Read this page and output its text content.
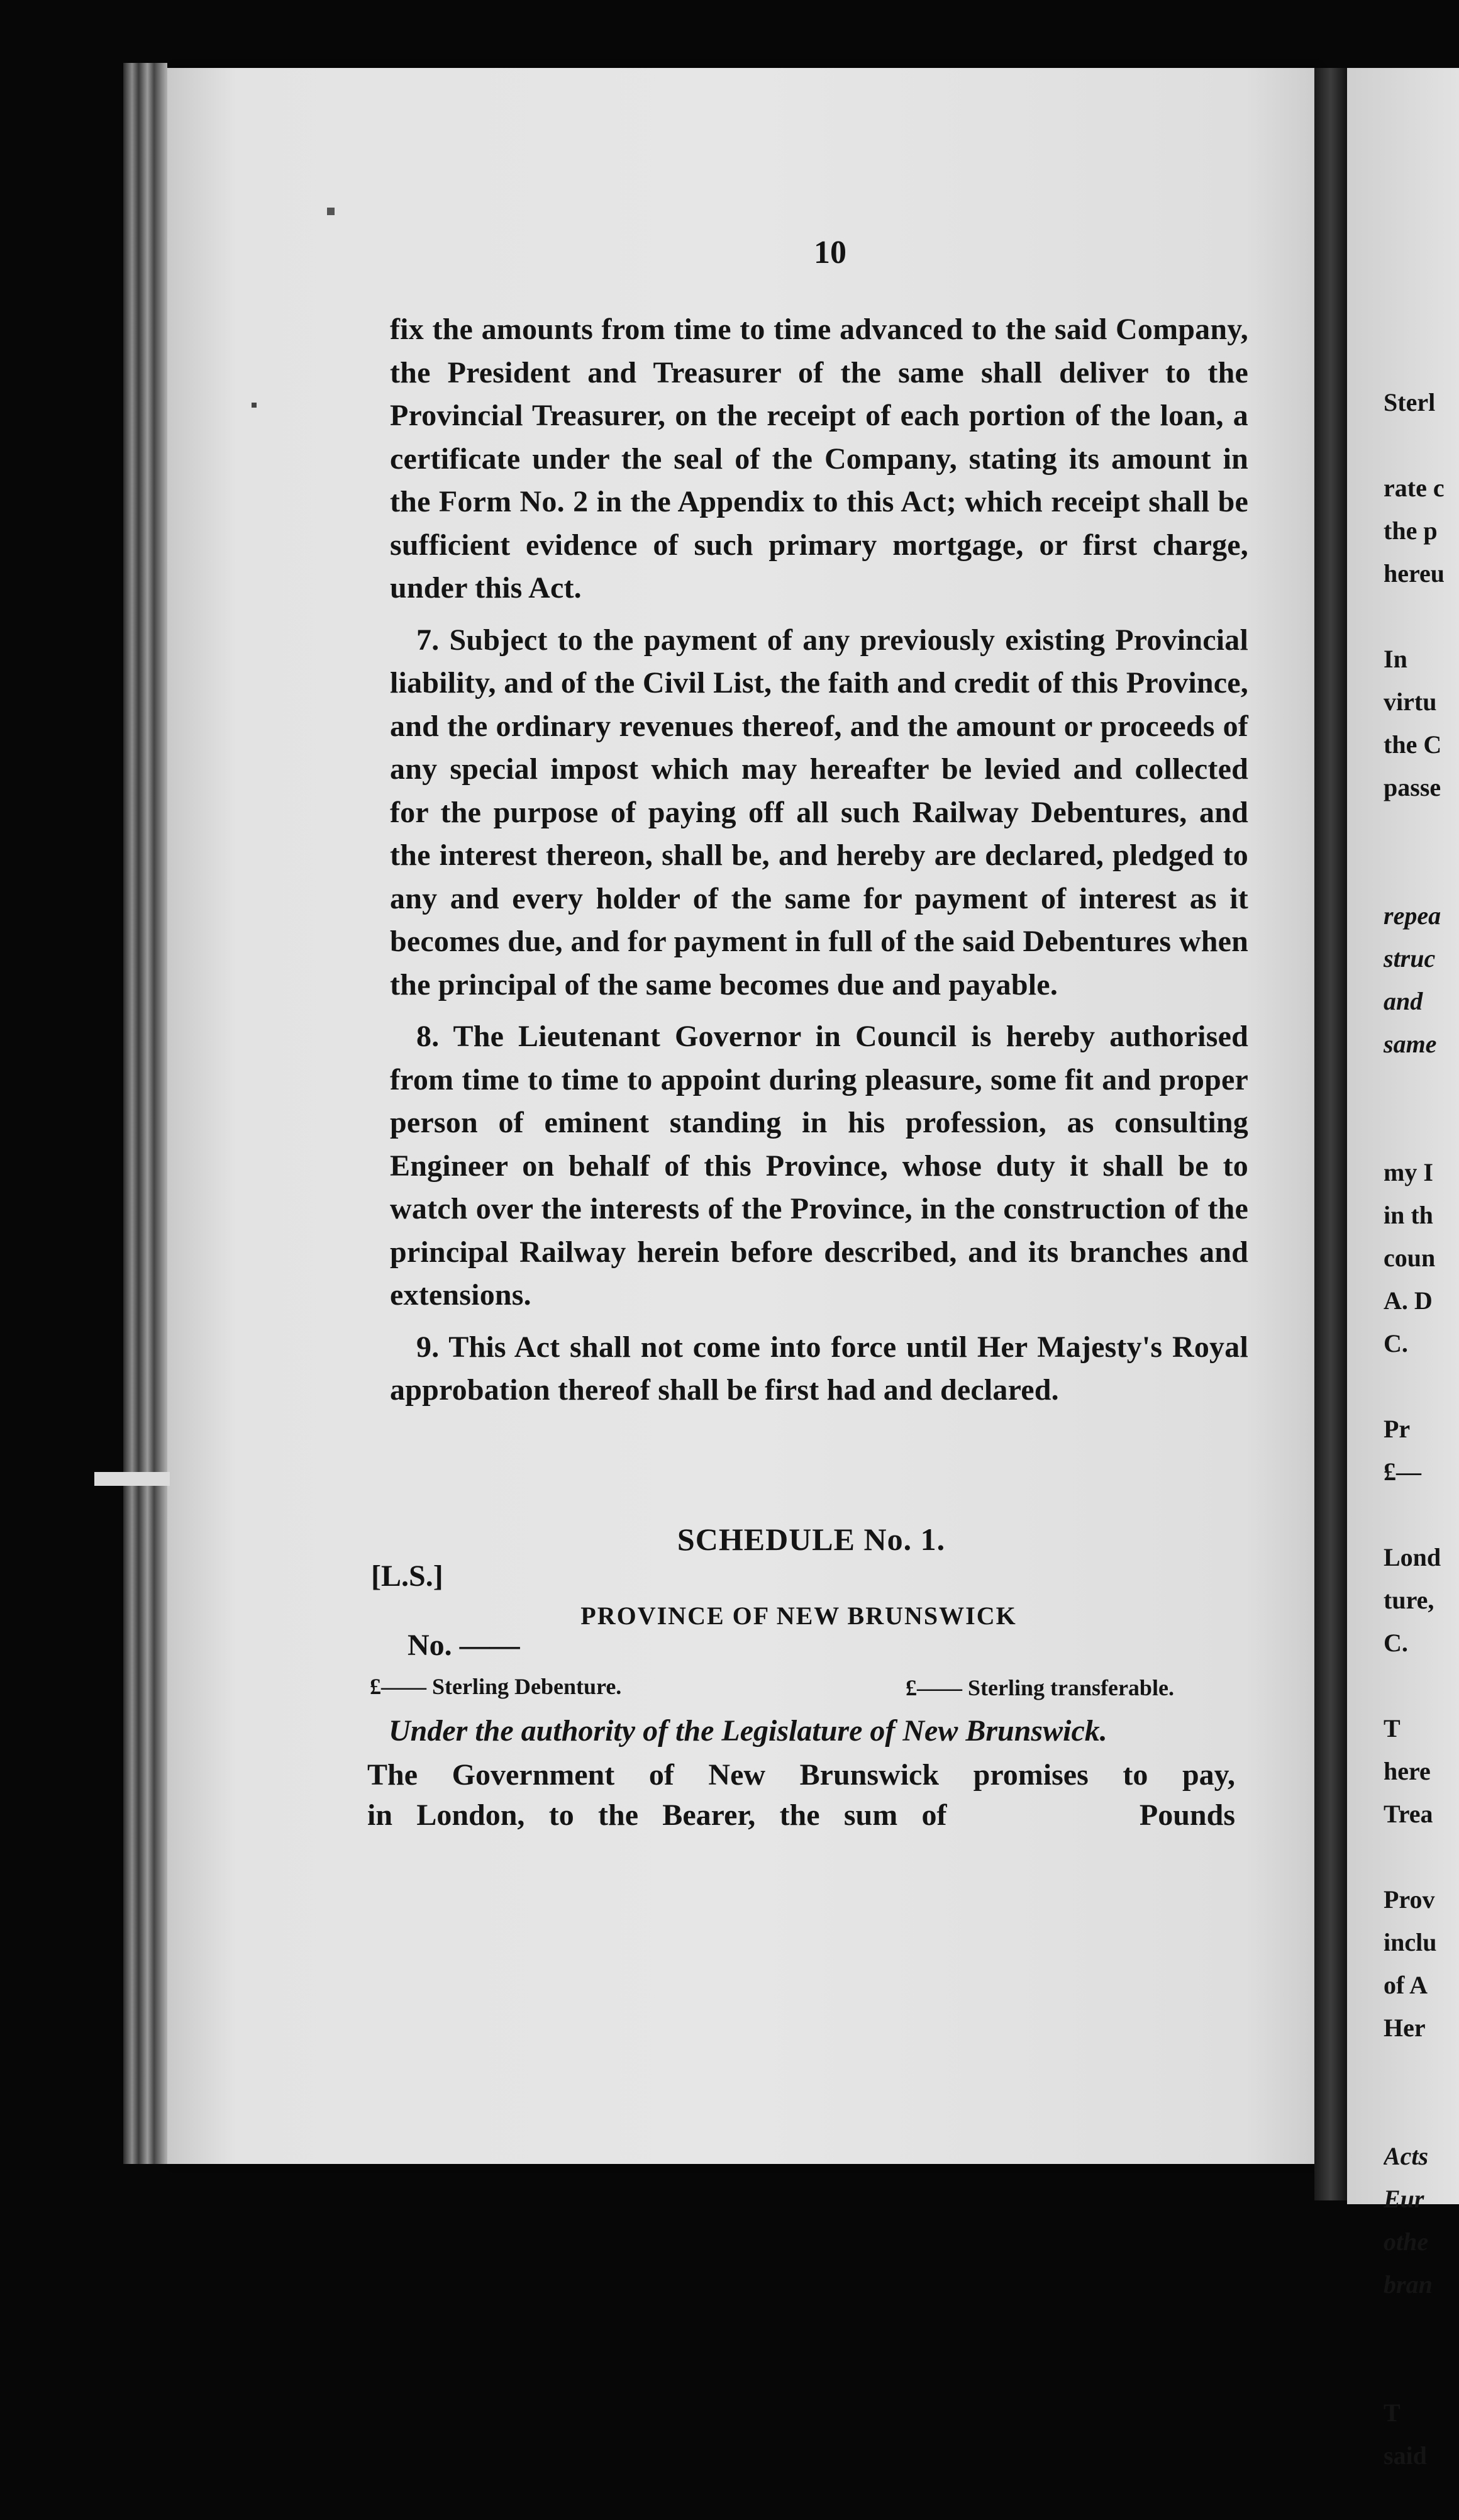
Sterl

rate c
the p
hereu

In
virtu
the C
passe

repea
struc
and
same

my I
in th
coun
A. D
C.

Pr
£—

Lond
ture,
C.

T
here
Trea

Prov
inclu
of A
Her

Acts
Eur
othe
bran

T
said

10

fix the amounts from time to time advanced to the said Company, the President and Treasurer of the same shall deliver to the Provincial Treasurer, on the receipt of each portion of the loan, a certificate under the seal of the Company, stating its amount in the Form No. 2 in the Appendix to this Act; which receipt shall be sufficient evidence of such primary mortgage, or first charge, under this Act.

7. Subject to the payment of any previously existing Provincial liability, and of the Civil List, the faith and credit of this Province, and the ordinary revenues thereof, and the amount or proceeds of any special impost which may hereafter be levied and collected for the purpose of paying off all such Railway Debentures, and the interest thereon, shall be, and hereby are declared, pledged to any and every holder of the same for payment of interest as it becomes due, and for payment in full of the said Debentures when the principal of the same becomes due and payable.

8. The Lieutenant Governor in Council is hereby authorised from time to time to appoint during pleasure, some fit and proper person of eminent standing in his profession, as consulting Engineer on behalf of this Province, whose duty it shall be to watch over the interests of the Province, in the construction of the principal Railway herein before described, and its branches and extensions.

9. This Act shall not come into force until Her Majesty's Royal approbation thereof shall be first had and declared.

SCHEDULE No. 1.
[L.S.]
PROVINCE OF NEW BRUNSWICK
No. ——
£—— Sterling Debenture.	£—— Sterling transferable.
Under the authority of the Legislature of New Brunswick.
The Government of New Brunswick promises to pay,
in London, to the Bearer, the sum of        Pounds
